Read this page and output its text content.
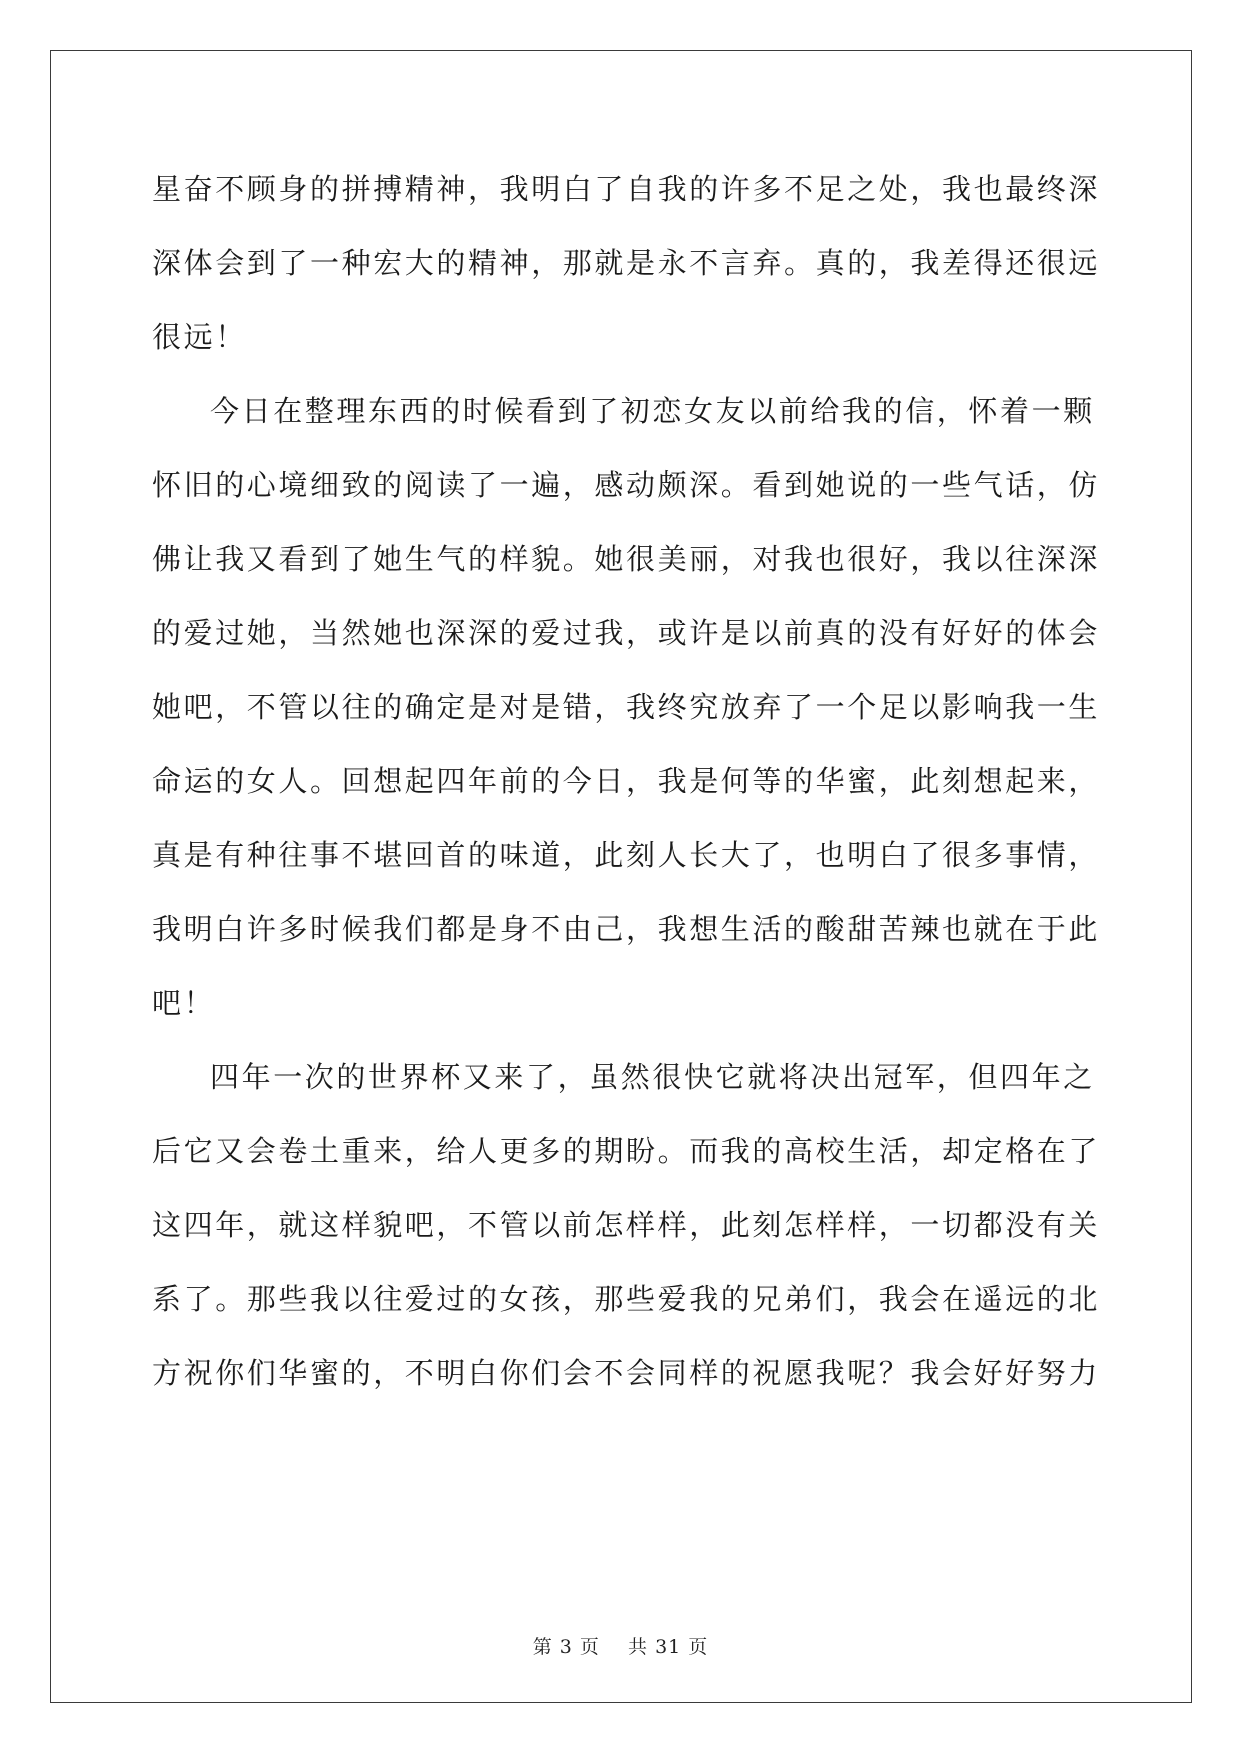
星奋不顾身的拼搏精神，我明白了自我的许多不足之处，我也最终深
深体会到了一种宏大的精神，那就是永不言弃。真的，我差得还很远
很远！
今日在整理东西的时候看到了初恋女友以前给我的信，怀着一颗
怀旧的心境细致的阅读了一遍，感动颇深。看到她说的一些气话，仿
佛让我又看到了她生气的样貌。她很美丽，对我也很好，我以往深深
的爱过她，当然她也深深的爱过我，或许是以前真的没有好好的体会
她吧，不管以往的确定是对是错，我终究放弃了一个足以影响我一生
命运的女人。回想起四年前的今日，我是何等的华蜜，此刻想起来，
真是有种往事不堪回首的味道，此刻人长大了，也明白了很多事情，
我明白许多时候我们都是身不由己，我想生活的酸甜苦辣也就在于此
吧！
四年一次的世界杯又来了，虽然很快它就将决出冠军，但四年之
后它又会卷土重来，给人更多的期盼。而我的高校生活，却定格在了
这四年，就这样貌吧，不管以前怎样样，此刻怎样样，一切都没有关
系了。那些我以往爱过的女孩，那些爱我的兄弟们，我会在遥远的北
方祝你们华蜜的，不明白你们会不会同样的祝愿我呢？我会好好努力
第 3 页 共 31 页
